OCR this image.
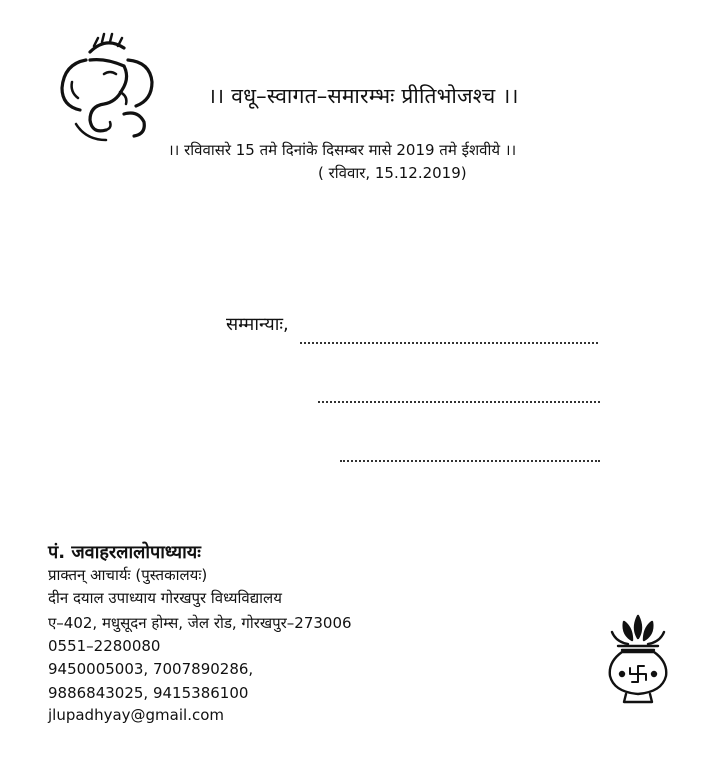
।। वधू–स्वागत–समारम्भः प्रीतिभोजश्च ।।
।। रविवासरे 15 तमे दिनांके दिसम्बर मासे 2019 तमे ईशवीये ।।
( रविवार, 15.12.2019)
सम्मान्याः,
पं. जवाहरलालोपाध्यायः
प्राक्तन् आचार्यः (पुस्तकालयः)
दीन दयाल उपाध्याय गोरखपुर विध्यविद्यालय
ए–402, मधुसूदन होम्स, जेल रोड, गोरखपुर–273006
0551–2280080
9450005003, 7007890286,
9886843025, 9415386100
jlupadhyay@gmail.com
